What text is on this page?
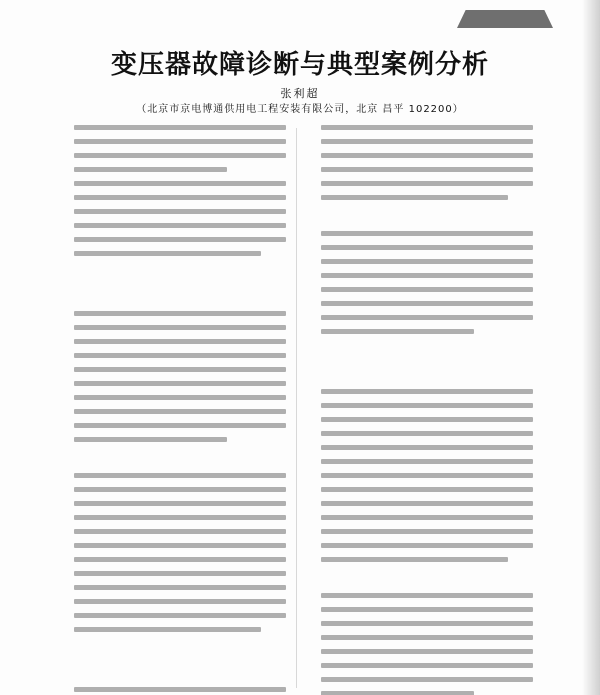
变压器故障诊断与典型案例分析
张利超
（北京市京电博通供用电工程安装有限公司，北京 昌平 102200）
